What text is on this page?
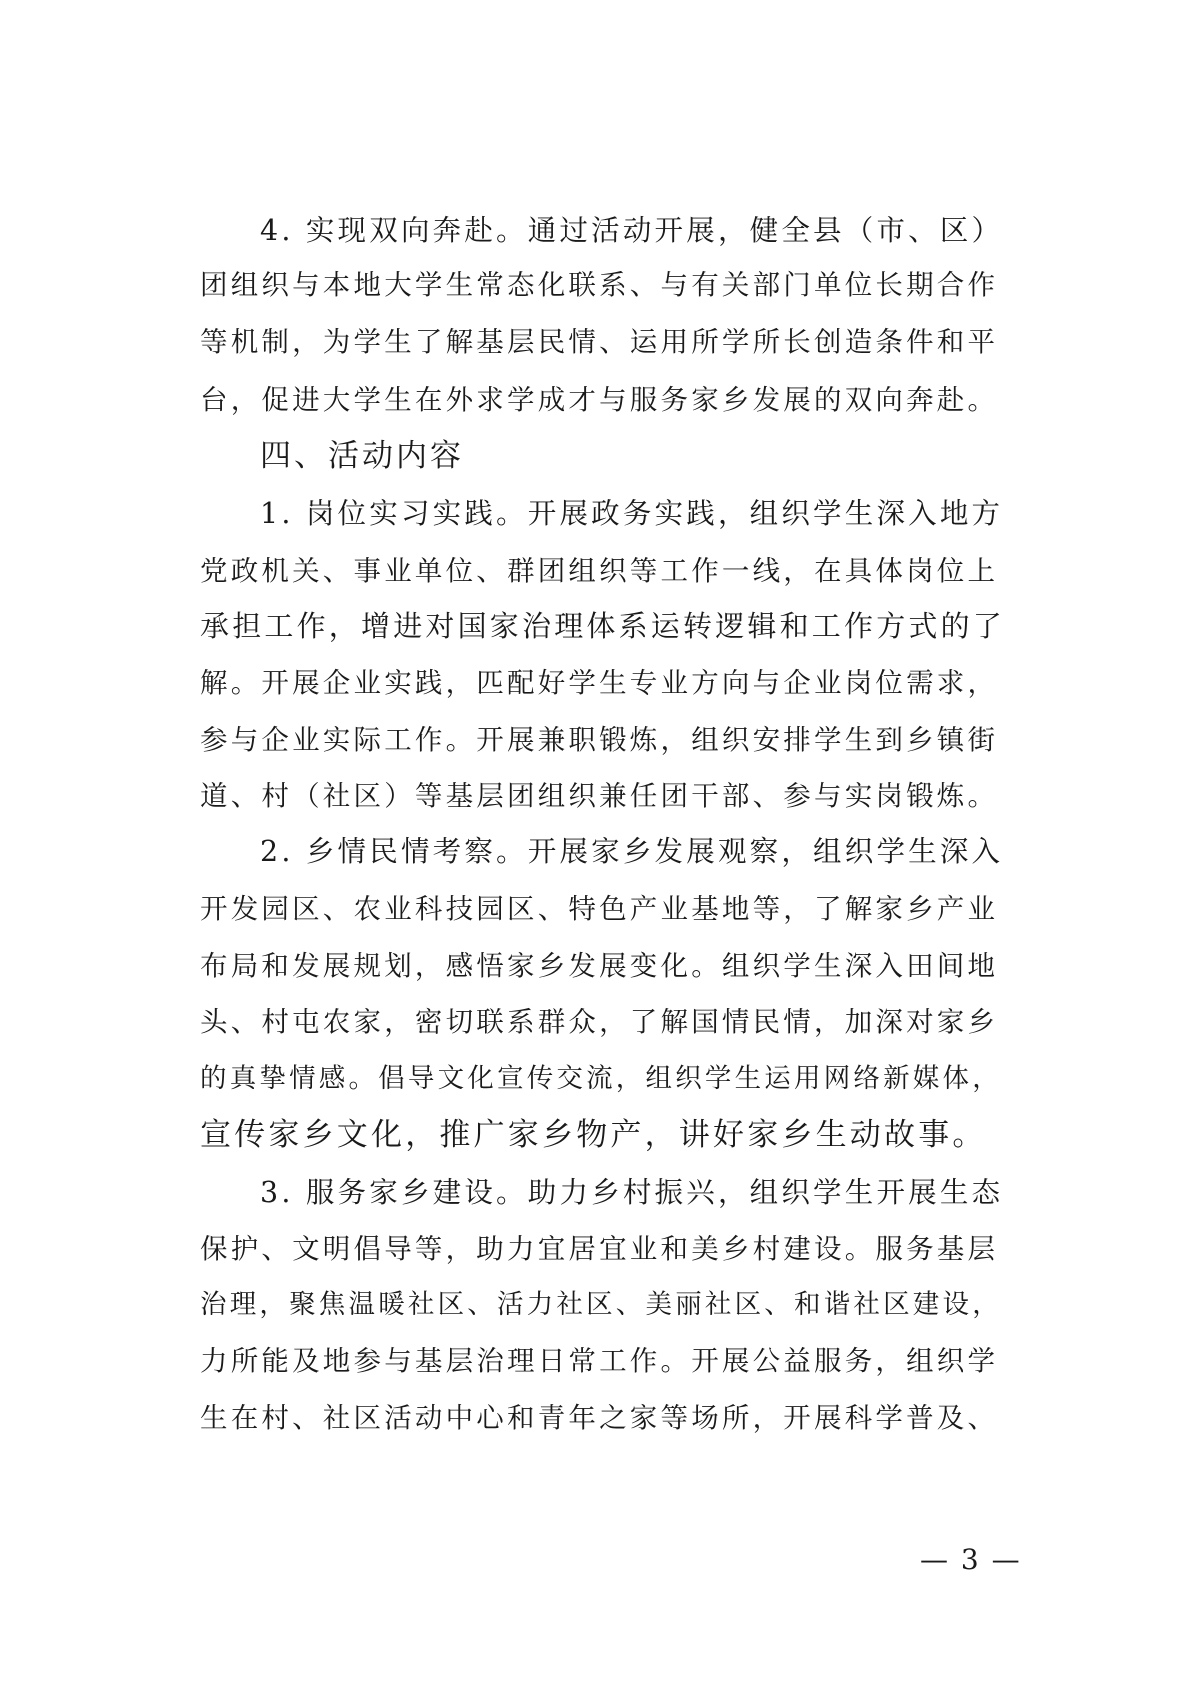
4. 实现双向奔赴。通过活动开展，健全县（市、区）
团组织与本地大学生常态化联系、与有关部门单位长期合作
等机制，为学生了解基层民情、运用所学所长创造条件和平
台，促进大学生在外求学成才与服务家乡发展的双向奔赴。
四、活动内容
1. 岗位实习实践。开展政务实践，组织学生深入地方
党政机关、事业单位、群团组织等工作一线，在具体岗位上
承担工作，增进对国家治理体系运转逻辑和工作方式的了
解。开展企业实践，匹配好学生专业方向与企业岗位需求，
参与企业实际工作。开展兼职锻炼，组织安排学生到乡镇街
道、村（社区）等基层团组织兼任团干部、参与实岗锻炼。
2. 乡情民情考察。开展家乡发展观察，组织学生深入
开发园区、农业科技园区、特色产业基地等，了解家乡产业
布局和发展规划，感悟家乡发展变化。组织学生深入田间地
头、村屯农家，密切联系群众，了解国情民情，加深对家乡
的真挚情感。倡导文化宣传交流，组织学生运用网络新媒体，
宣传家乡文化，推广家乡物产，讲好家乡生动故事。
3. 服务家乡建设。助力乡村振兴，组织学生开展生态
保护、文明倡导等，助力宜居宜业和美乡村建设。服务基层
治理，聚焦温暖社区、活力社区、美丽社区、和谐社区建设，
力所能及地参与基层治理日常工作。开展公益服务，组织学
生在村、社区活动中心和青年之家等场所，开展科学普及、
— 3 —
